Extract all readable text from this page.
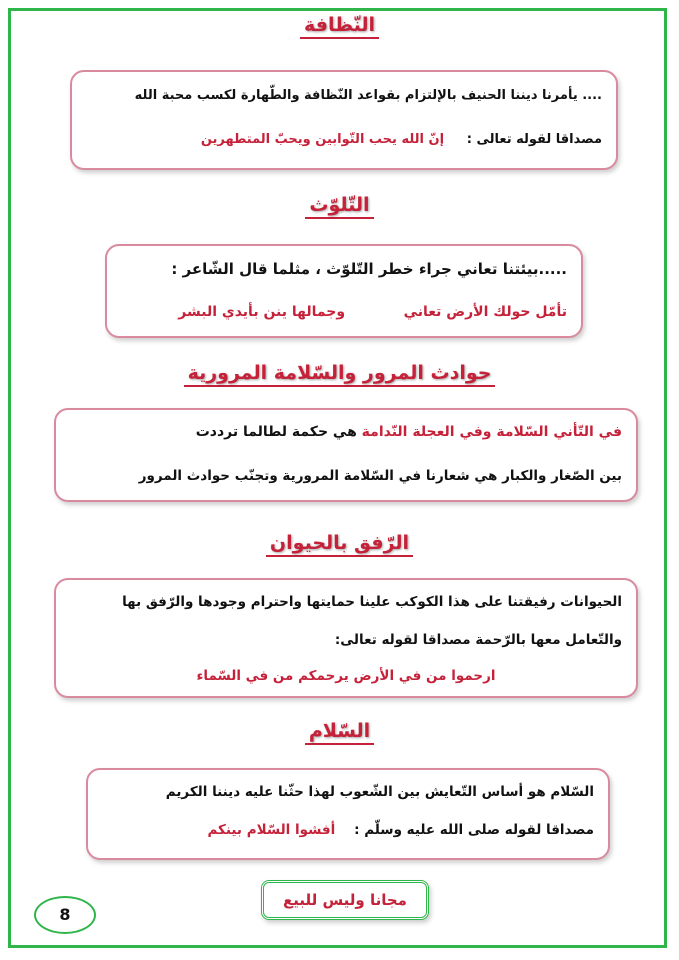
النّظافة
.... يأمرنا ديننا الحنيف بالإلتزام بقواعد النّظافة والطّهارة لكسب محبة الله
مصداقا لقوله تعالى :     إنّ الله يحب التّوابين ويحبّ المتطهرين
التّلوّث
.....بيئتنا تعاني جراء خطر التّلوّث ، مثلما قال الشّاعر :
تأمّل حولك الأرض تعاني            وجمالها ينن بأيدي البشر
حوادث المرور والسّلامة المرورية
في التّأني السّلامة وفي العجلة النّدامة هي حكمة لطالما ترددت
بين الصّغار والكبار هي شعارنا في السّلامة المرورية وتجنّب حوادث المرور
الرّفق بالحيوان
الحيوانات رفيقتنا على هذا الكوكب علينا حمايتها واحترام وجودها والرّفق بها
والتّعامل معها بالرّحمة مصداقا لقوله تعالى:
ارحموا من في الأرض يرحمكم من في السّماء
السّلام
السّلام هو أساس التّعايش بين الشّعوب لهذا حثّنا عليه ديننا الكريم
مصداقا لقوله صلى الله عليه وسلّم :    أفشوا السّلام بينكم
مجانا وليس للبيع
8
